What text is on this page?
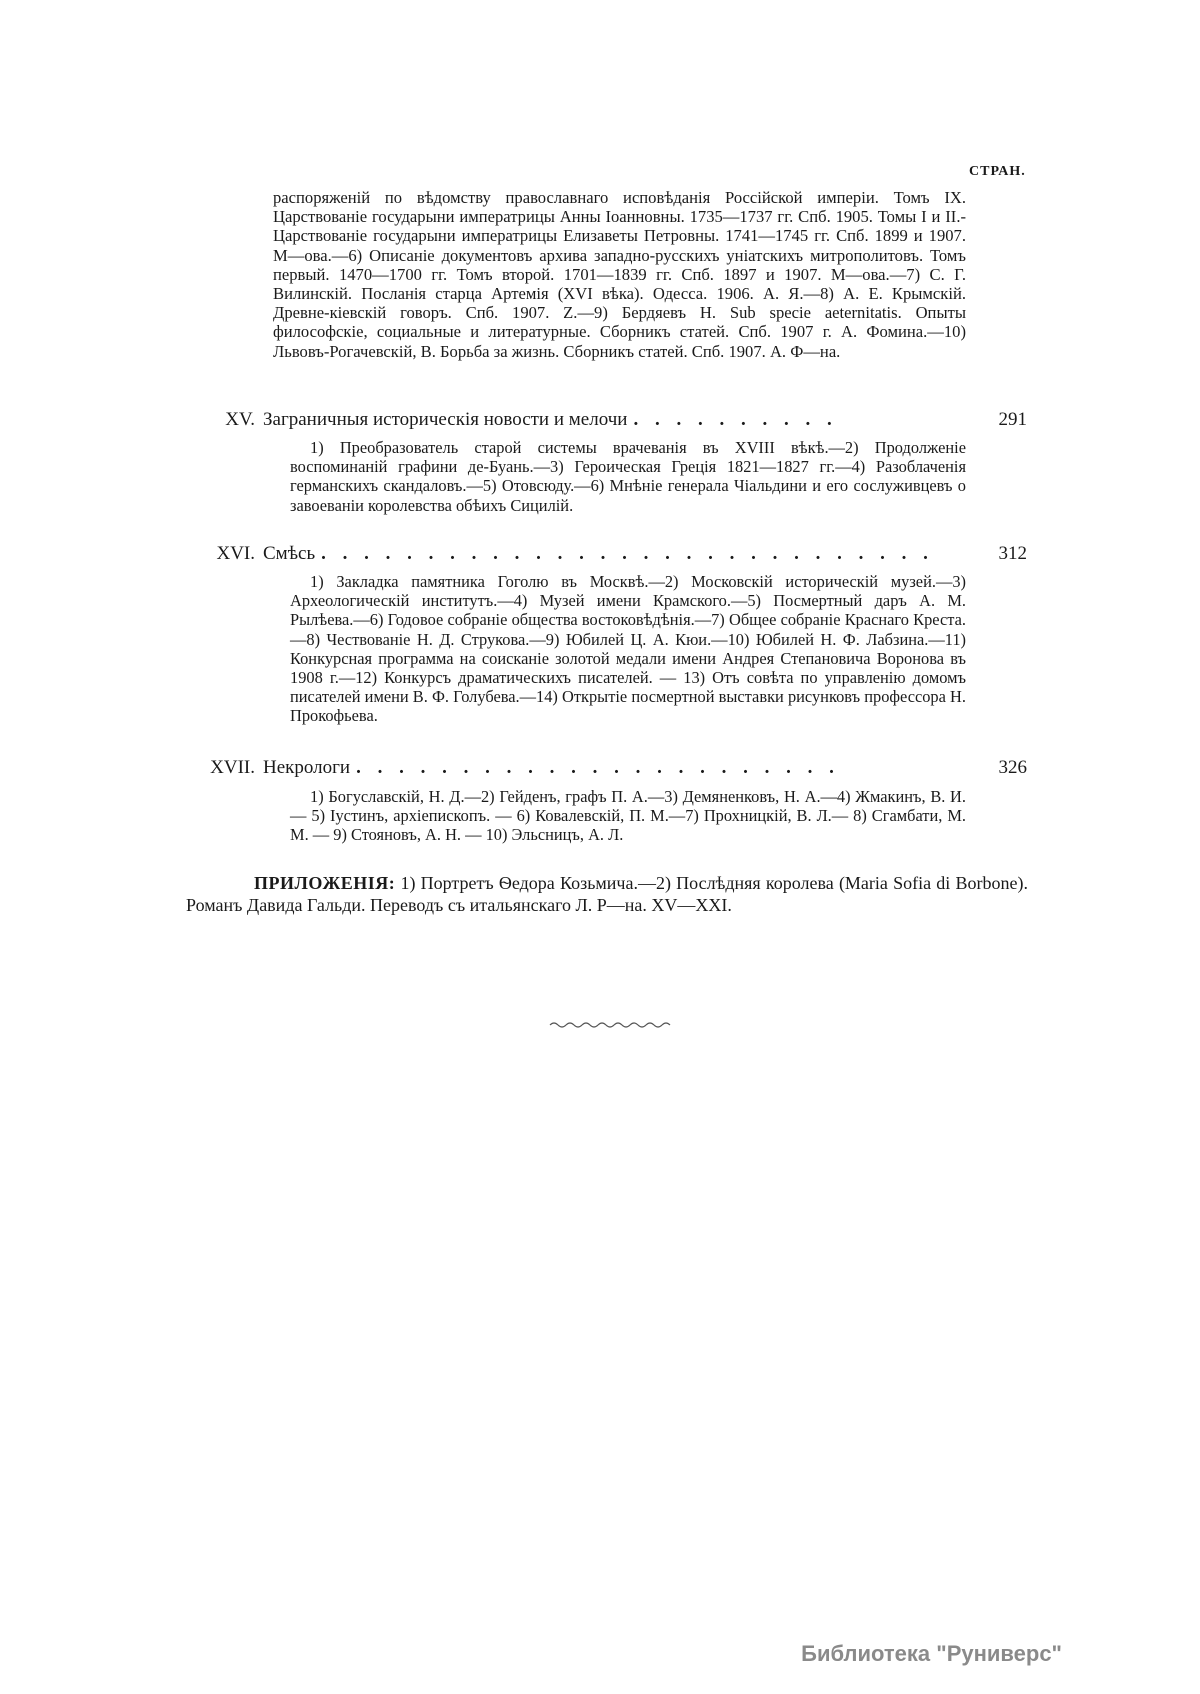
СТРАН.

распоряженій по вѣдомству православнаго исповѣданія Россійской имперіи. Томъ IX. Царствованіе государыни императрицы Анны Іоанновны. 1735—1737 гг. Спб. 1905. Томы I и II.-Царствованіе государыни императрицы Елизаветы Петровны. 1741—1745 гг. Спб. 1899 и 1907. М—ова.—6) Описаніе документовъ архива западно-русскихъ уніатскихъ митрополитовъ. Томъ первый. 1470—1700 гг. Томъ второй. 1701—1839 гг. Спб. 1897 и 1907. М—ова.—7) С. Г. Вилинскій. Посланія старца Артемія (XVI вѣка). Одесса. 1906. А. Я.—8) А. Е. Крымскій. Древне-кіевскій говоръ. Спб. 1907. Z.—9) Бердяевъ Н. Sub specie aeternitatis. Опыты философскіе, социальные и литературные. Сборникъ статей. Спб. 1907 г. А. Фомина.—10) Львовъ-Рогачевскій, В. Борьба за жизнь. Сборникъ статей. Спб. 1907. А. Ф—на.

XV. Заграничныя историческія новости и мелочи . . . . . . . . . .	291

1) Преобразователь старой системы врачеванія въ XVIII вѣкѣ.—2) Продолженіе воспоминаній графини де-Буань.—3) Героическая Греція 1821—1827 гг.—4) Разоблаченія германскихъ скандаловъ.—5) Отовсюду.—6) Мнѣніе генерала Чіальдини и его сослуживцевъ о завоеваніи королевства обѣихъ Сицилій.

XVI. Смѣсь . . . . . . . . . . . . . . . . . . . . . . . . . . . . .	312

1) Закладка памятника Гоголю въ Москвѣ.—2) Московскій историческій музей.—3) Археологическій институтъ.—4) Музей имени Крамского.—5) Посмертный даръ А. М. Рылѣева.—6) Годовое собраніе общества востоковѣдѣнія.—7) Общее собраніе Краснаго Креста.—8) Чествованіе Н. Д. Струкова.—9) Юбилей Ц. А. Кюи.—10) Юбилей Н. Ф. Лабзина.—11) Конкурсная программа на соисканіе золотой медали имени Андрея Степановича Воронова въ 1908 г.—12) Конкурсъ драматическихъ писателей. — 13) Отъ совѣта по управленію домомъ писателей имени В. Ф. Голубева.—14) Открытіе посмертной выставки рисунковъ профессора Н. Прокофьева.

XVII. Некрологи . . . . . . . . . . . . . . . . . . . . . . .	326

1) Богуславскій, Н. Д.—2) Гейденъ, графъ П. А.—3) Демяненковъ, Н. А.—4) Жмакинъ, В. И. — 5) Іустинъ, архіепископъ. — 6) Ковалевскій, П. М.—7) Прохницкій, В. Л.— 8) Сгамбати, М. М. — 9) Стояновъ, А. Н. — 10) Эльсницъ, А. Л.

ПРИЛОЖЕНІЯ: 1) Портретъ Ѳедора Козьмича.—2) Послѣдняя королева (Maria Sofia di Borbone). Романъ Давида Гальди. Переводъ съ итальянскаго Л. Р—на. XV—XXI.

Библиотека "Руниверс"
